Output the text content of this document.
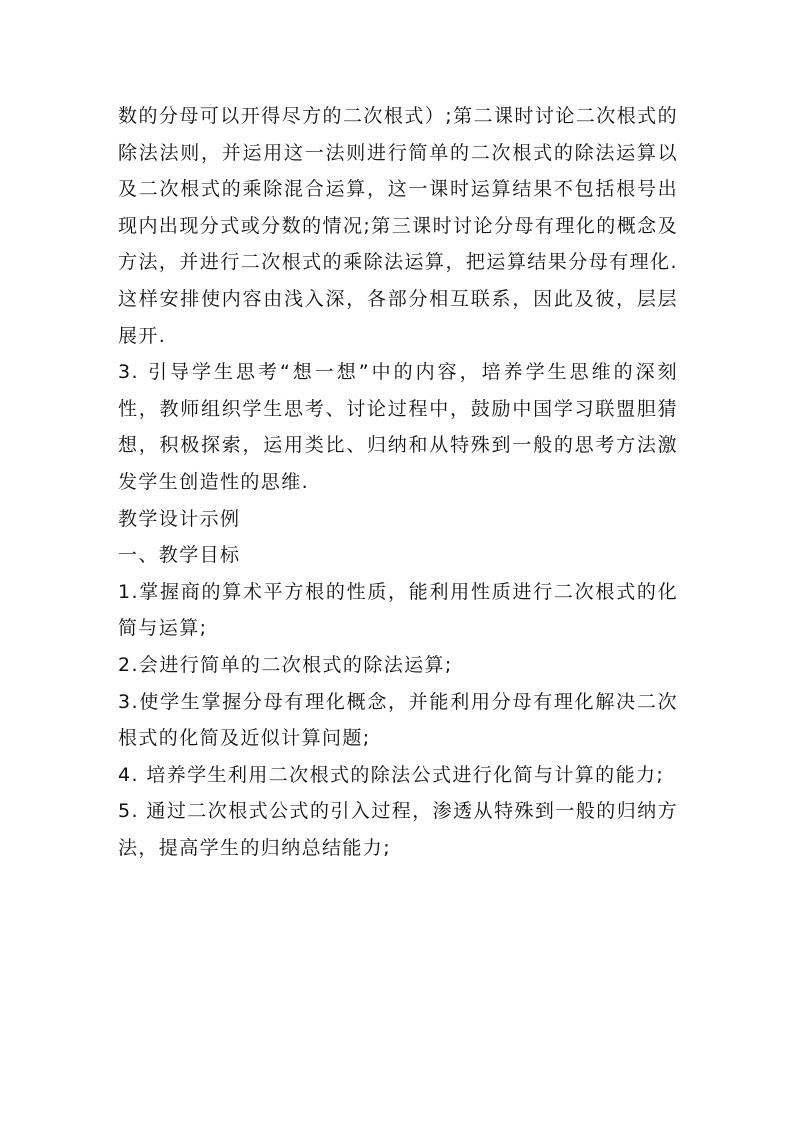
数的分母可以开得尽方的二次根式）;第二课时讨论二次根式的除法法则，并运用这一法则进行简单的二次根式的除法运算以及二次根式的乘除混合运算，这一课时运算结果不包括根号出现内出现分式或分数的情况;第三课时讨论分母有理化的概念及方法，并进行二次根式的乘除法运算，把运算结果分母有理化.这样安排使内容由浅入深，各部分相互联系，因此及彼，层层展开.

3. 引导学生思考“想一想”中的内容，培养学生思维的深刻性，教师组织学生思考、讨论过程中，鼓励中国学习联盟胆猜想，积极探索，运用类比、归纳和从特殊到一般的思考方法激发学生创造性的思维.

教学设计示例

一、教学目标

1.掌握商的算术平方根的性质，能利用性质进行二次根式的化简与运算;

2.会进行简单的二次根式的除法运算;

3.使学生掌握分母有理化概念，并能利用分母有理化解决二次根式的化简及近似计算问题;

4. 培养学生利用二次根式的除法公式进行化简与计算的能力;

5. 通过二次根式公式的引入过程，渗透从特殊到一般的归纳方法，提高学生的归纳总结能力;
